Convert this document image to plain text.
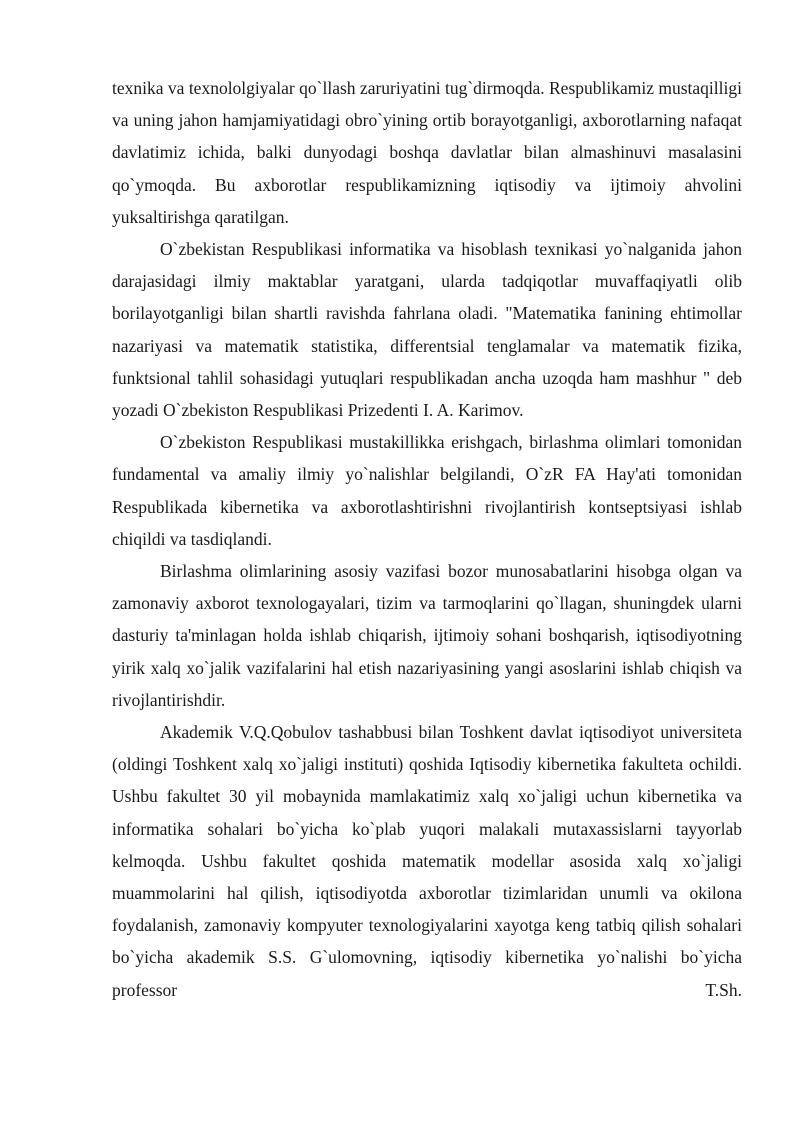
texnika va texnololgiyalar qo`llash zaruriyatini tug`dirmoqda. Respublikamiz mustaqilligi va uning jahon hamjamiyatidagi obro`yining ortib borayotganligi, axborotlarning nafaqat davlatimiz ichida, balki dunyodagi boshqa davlatlar bilan almashinuvi masalasini qo`ymoqda. Bu axborotlar respublikamizning iqtisodiy va ijtimoiy ahvolini yuksaltirishga qaratilgan.

O`zbekistan Respublikasi informatika va hisoblash texnikasi yo`nalganida jahon darajasidagi ilmiy maktablar yaratgani, ularda tadqiqotlar muvaffaqiyatli olib borilayotganligi bilan shartli ravishda fahrlana oladi. "Matematika fanining ehtimollar nazariyasi va matematik statistika, differentsial tenglamalar va matematik fizika, funktsional tahlil sohasidagi yutuqlari respublikadan ancha uzoqda ham mashhur " deb yozadi O`zbekiston Respublikasi Prizedenti I. A. Karimov.

O`zbekiston Respublikasi mustakillikka erishgach, birlashma olimlari tomonidan fundamental va amaliy ilmiy yo`nalishlar belgilandi, O`zR FA Hay'ati tomonidan Respublikada kibernetika va axborotlashtirishni rivojlantirish kontseptsiyasi ishlab chiqildi va tasdiqlandi.

Birlashma olimlarining asosiy vazifasi bozor munosabatlarini hisobga olgan va zamonaviy axborot texnologayalari, tizim va tarmoqlarini qo`llagan, shuningdek ularni dasturiy ta'minlagan holda ishlab chiqarish, ijtimoiy sohani boshqarish, iqtisodiyotning yirik xalq xo`jalik vazifalarini hal etish nazariyasining yangi asoslarini ishlab chiqish va rivojlantirishdir.

Akademik V.Q.Qobulov tashabbusi bilan Toshkent davlat iqtisodiyot universiteta (oldingi Toshkent xalq xo`jaligi instituti) qoshida Iqtisodiy kibernetika fakulteta ochildi. Ushbu fakultet 30 yil mobaynida mamlakatimiz xalq xo`jaligi uchun kibernetika va informatika sohalari bo`yicha ko`plab yuqori malakali mutaxassislarni tayyorlab kelmoqda. Ushbu fakultet qoshida matematik modellar asosida xalq xo`jaligi muammolarini hal qilish, iqtisodiyotda axborotlar tizimlaridan unumli va okilona foydalanish, zamonaviy kompyuter texnologiyalarini xayotga keng tatbiq qilish sohalari bo`yicha akademik S.S. G`ulomovning, iqtisodiy kibernetika yo`nalishi bo`yicha professor T.Sh.
